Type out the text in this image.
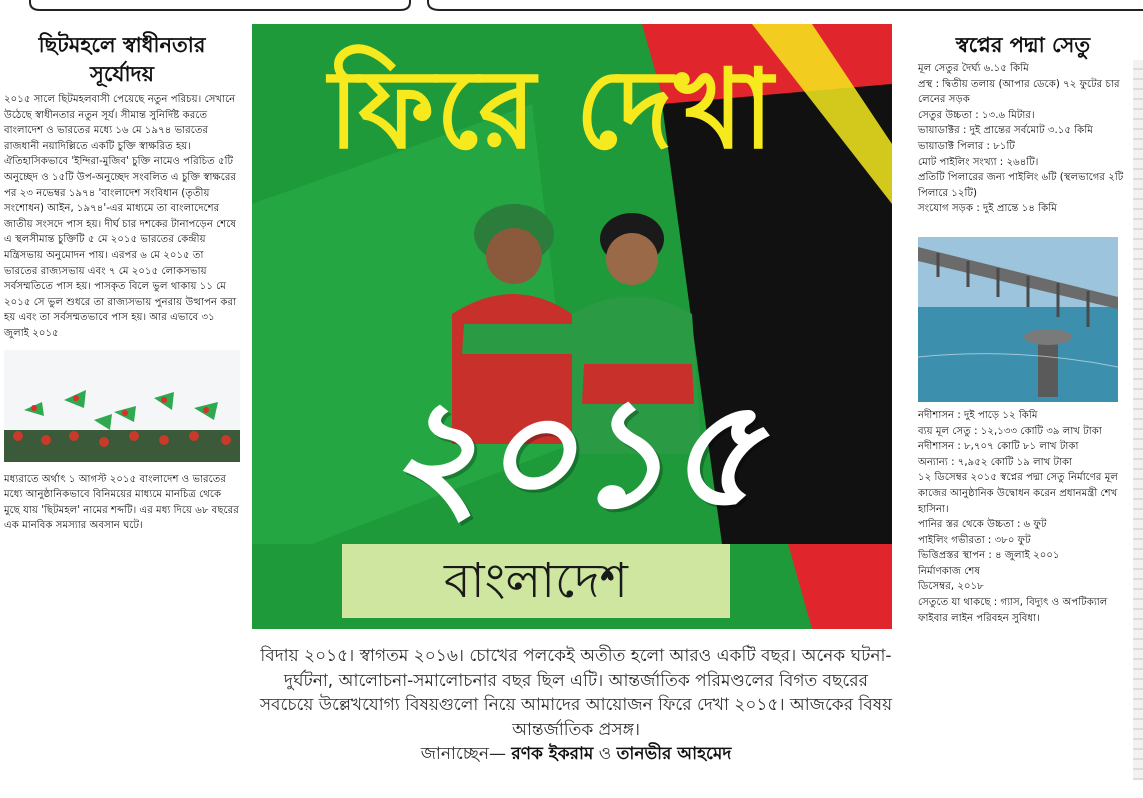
ছিটমহলে স্বাধীনতার সূর্যোদয়

২০১৫ সালে ছিটমহলবাসী পেয়েছে নতুন পরিচয়। সেখানে উঠেছে স্বাধীনতার নতুন সূর্য। সীমান্ত সুনির্দিষ্ট করতে বাংলাদেশ ও ভারতের মধ্যে ১৬ মে ১৯৭৪ ভারতের রাজধানী নয়াদিল্লিতে একটি চুক্তি স্বাক্ষরিত হয়। ঐতিহাসিকভাবে 'ইন্দিরা-মুজিব' চুক্তি নামেও পরিচিত ৫টি অনুচ্ছেদ ও ১৫টি উপ-অনুচ্ছেদ সংবলিত এ চুক্তি স্বাক্ষরের পর ২৩ নভেম্বর ১৯৭৪ 'বাংলাদেশ সংবিধান (তৃতীয় সংশোধন) আইন, ১৯৭৪'-এর মাধ্যমে তা বাংলাদেশের জাতীয় সংসদে পাস হয়। দীর্ঘ চার দশকের টানাপড়েন শেষে এ স্থলসীমান্ত চুক্তিটি ৫ মে ২০১৫ ভারতের কেন্দ্রীয় মন্ত্রিসভায় অনুমোদন পায়। এরপর ৬ মে ২০১৫ তা ভারতের রাজ্যসভায় এবং ৭ মে ২০১৫ লোকসভায় সর্বসম্মতিতে পাস হয়। পাসকৃত বিলে ভুল থাকায় ১১ মে ২০১৫ সে ভুল শুধরে তা রাজ্যসভায় পুনরায় উত্থাপন করা হয় এবং তা সর্বসম্মতভাবে পাস হয়। আর এভাবে ৩১ জুলাই ২০১৫

মধ্যরাতে অর্থাৎ ১ আগস্ট ২০১৫ বাংলাদেশ ও ভারতের মধ্যে আনুষ্ঠানিকভাবে বিনিময়ের মাধ্যমে মানচিত্র থেকে মুছে যায় 'ছিটমহল' নামের শব্দটি। এর মধ্য দিয়ে ৬৮ বছরের এক মানবিক সমস্যার অবসান ঘটে।

ফিরে দেখা
২০১৫
বাংলাদেশ

বিদায় ২০১৫। স্বাগতম ২০১৬। চোখের পলকেই অতীত হলো আরও একটি বছর। অনেক ঘটনা-দুর্ঘটনা, আলোচনা-সমালোচনার বছর ছিল এটি। আন্তর্জাতিক পরিমণ্ডলের বিগত বছরের সবচেয়ে উল্লেখযোগ্য বিষয়গুলো নিয়ে আমাদের আয়োজন ফিরে দেখা ২০১৫। আজকের বিষয় আন্তর্জাতিক প্রসঙ্গ।
জানাচ্ছেন— রণক ইকরাম ও তানভীর আহমেদ

স্বপ্নের পদ্মা সেতু

মূল সেতুর দৈর্ঘ্য ৬.১৫ কিমি
প্রস্থ : দ্বিতীয় তলায় (আপার ডেকে) ৭২ ফুটের চার লেনের সড়ক
সেতুর উচ্চতা : ১৩.৬ মিটার।
ভায়াডাক্টর : দুই প্রান্তের সর্বমোট ৩.১৫ কিমি
ভায়াডাক্ট পিলার : ৮১টি
মোট পাইলিং সংখ্যা : ২৬৪টি।
প্রতিটি পিলারের জন্য পাইলিং ৬টি (স্থলভাগের ২টি পিলারে ১২টি)
সংযোগ সড়ক : দুই প্রান্তে ১৪ কিমি

নদীশাসন : দুই পাড়ে ১২ কিমি
ব্যয় মূল সেতু : ১২,১৩৩ কোটি ৩৯ লাখ টাকা
নদীশাসন : ৮,৭০৭ কোটি ৮১ লাখ টাকা
অন্যান্য : ৭,৯৫২ কোটি ১৯ লাখ টাকা
১২ ডিসেম্বর ২০১৫ স্বপ্নের পদ্মা সেতু নির্মাণের মূল কাজের আনুষ্ঠানিক উদ্বোধন করেন প্রধানমন্ত্রী শেখ হাসিনা।
পানির স্তর থেকে উচ্চতা : ৬ ফুট
পাইলিং গভীরতা : ৩৮০ ফুট
ভিত্তিপ্রস্তর স্থাপন : ৪ জুলাই ২০০১
নির্মাণকাজ শেষ
ডিসেম্বর, ২০১৮
সেতুতে যা থাকছে : গ্যাস, বিদ্যুৎ ও অপটিক্যাল ফাইবার লাইন পরিবহন সুবিধা।
